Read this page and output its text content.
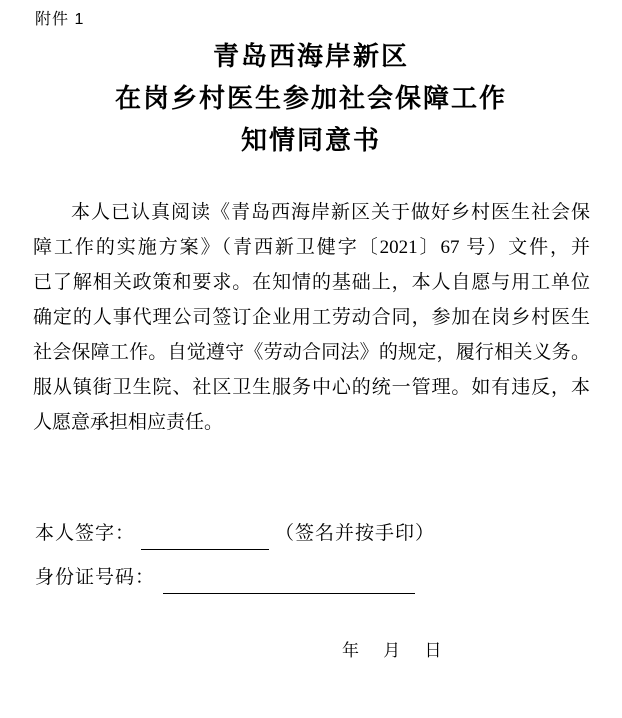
附件 1
青岛西海岸新区
在岗乡村医生参加社会保障工作
知情同意书
本人已认真阅读《青岛西海岸新区关于做好乡村医生社会保
障工作的实施方案》（青西新卫健字〔2021〕67 号）文件，并
已了解相关政策和要求。在知情的基础上，本人自愿与用工单位
确定的人事代理公司签订企业用工劳动合同，参加在岗乡村医生
社会保障工作。自觉遵守《劳动合同法》的规定，履行相关义务。
服从镇街卫生院、社区卫生服务中心的统一管理。如有违反，本
人愿意承担相应责任。
本人签字：	（签名并按手印）
身份证号码：
年 月 日
